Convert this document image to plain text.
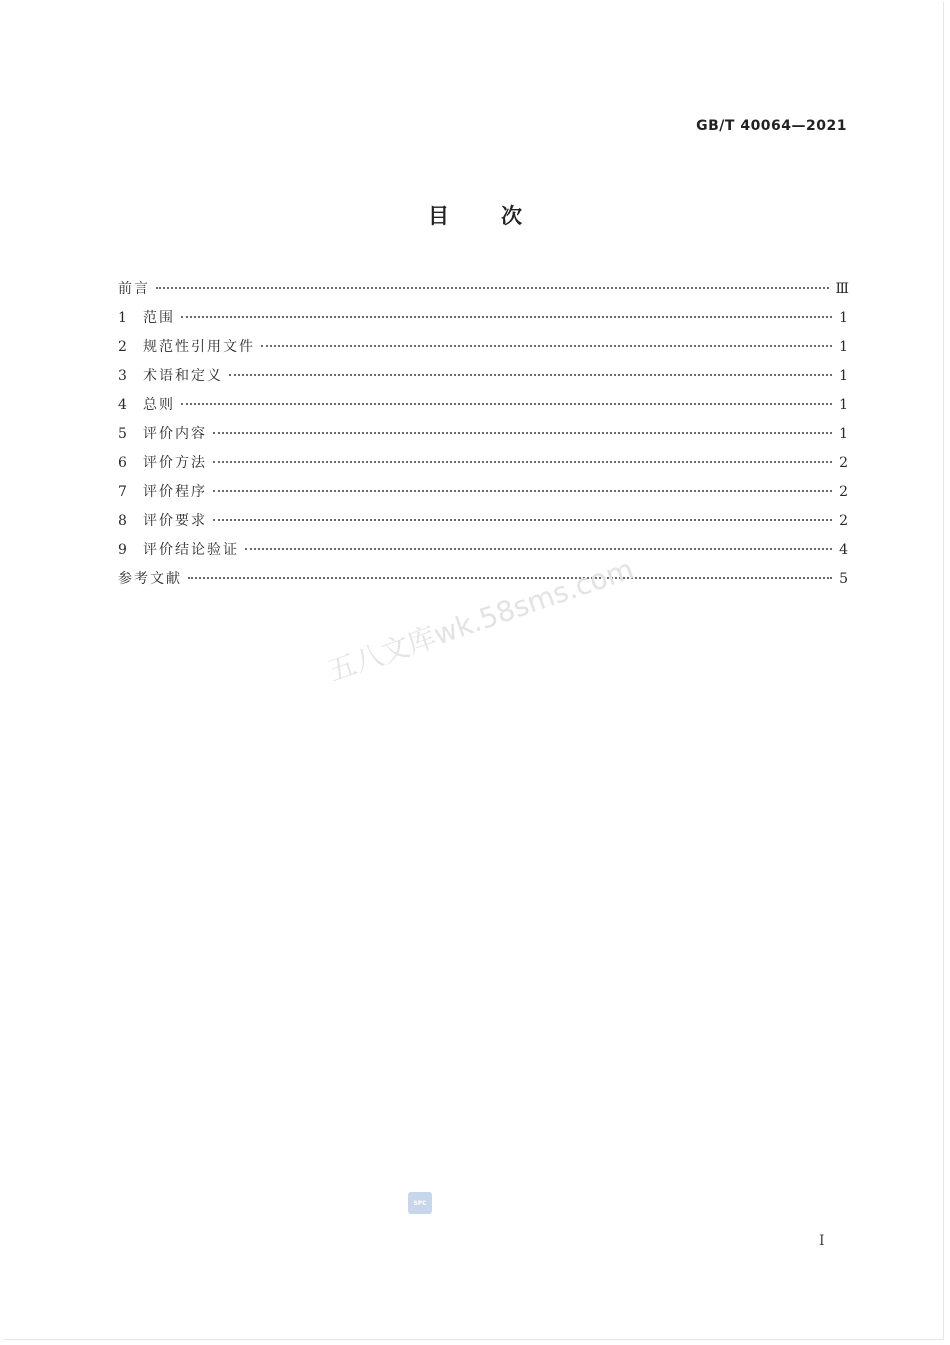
GB/T 40064—2021
目 次
前言	Ⅲ
1	范围	1
2	规范性引用文件	1
3	术语和定义	1
4	总则	1
5	评价内容	1
6	评价方法	2
7	评价程序	2
8	评价要求	2
9	评价结论验证	4
参考文献	5
五八文库wk.58sms.com
SPC
Ⅰ
